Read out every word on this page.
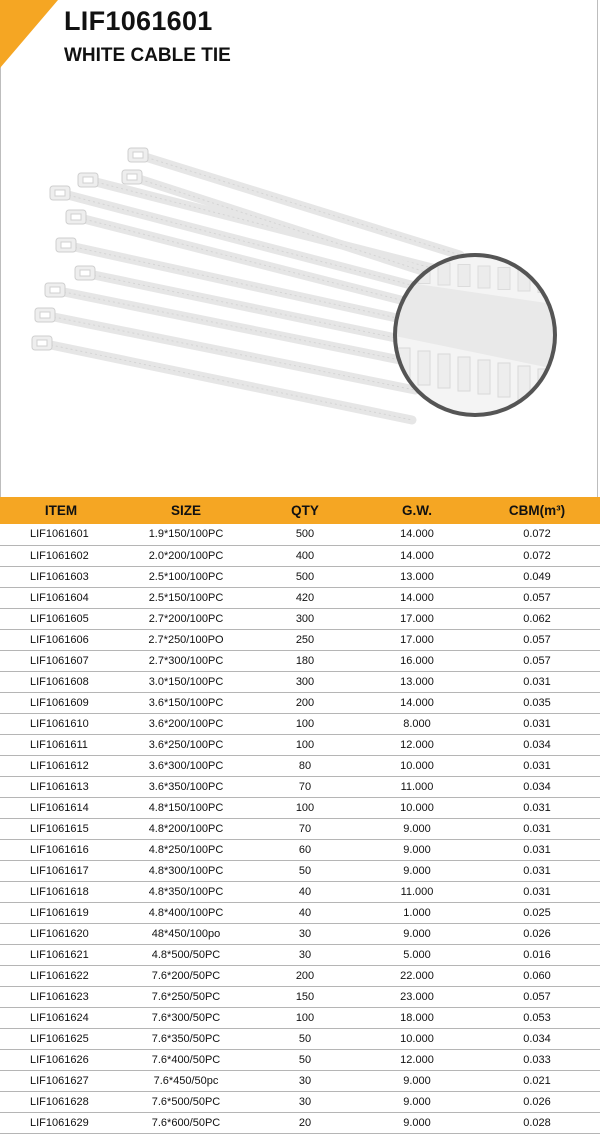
LIF1061601
WHITE CABLE TIE
ITEM	SIZE	QTY	G.W.	CBM(m³)
LIF1061601	1.9*150/100PC	500	14.000	0.072
LIF1061602	2.0*200/100PC	400	14.000	0.072
LIF1061603	2.5*100/100PC	500	13.000	0.049
LIF1061604	2.5*150/100PC	420	14.000	0.057
LIF1061605	2.7*200/100PC	300	17.000	0.062
LIF1061606	2.7*250/100PO	250	17.000	0.057
LIF1061607	2.7*300/100PC	180	16.000	0.057
LIF1061608	3.0*150/100PC	300	13.000	0.031
LIF1061609	3.6*150/100PC	200	14.000	0.035
LIF1061610	3.6*200/100PC	100	8.000	0.031
LIF1061611	3.6*250/100PC	100	12.000	0.034
LIF1061612	3.6*300/100PC	80	10.000	0.031
LIF1061613	3.6*350/100PC	70	11.000	0.034
LIF1061614	4.8*150/100PC	100	10.000	0.031
LIF1061615	4.8*200/100PC	70	9.000	0.031
LIF1061616	4.8*250/100PC	60	9.000	0.031
LIF1061617	4.8*300/100PC	50	9.000	0.031
LIF1061618	4.8*350/100PC	40	11.000	0.031
LIF1061619	4.8*400/100PC	40	1.000	0.025
LIF1061620	48*450/100po	30	9.000	0.026
LIF1061621	4.8*500/50PC	30	5.000	0.016
LIF1061622	7.6*200/50PC	200	22.000	0.060
LIF1061623	7.6*250/50PC	150	23.000	0.057
LIF1061624	7.6*300/50PC	100	18.000	0.053
LIF1061625	7.6*350/50PC	50	10.000	0.034
LIF1061626	7.6*400/50PC	50	12.000	0.033
LIF1061627	7.6*450/50pc	30	9.000	0.021
LIF1061628	7.6*500/50PC	30	9.000	0.026
LIF1061629	7.6*600/50PC	20	9.000	0.028
